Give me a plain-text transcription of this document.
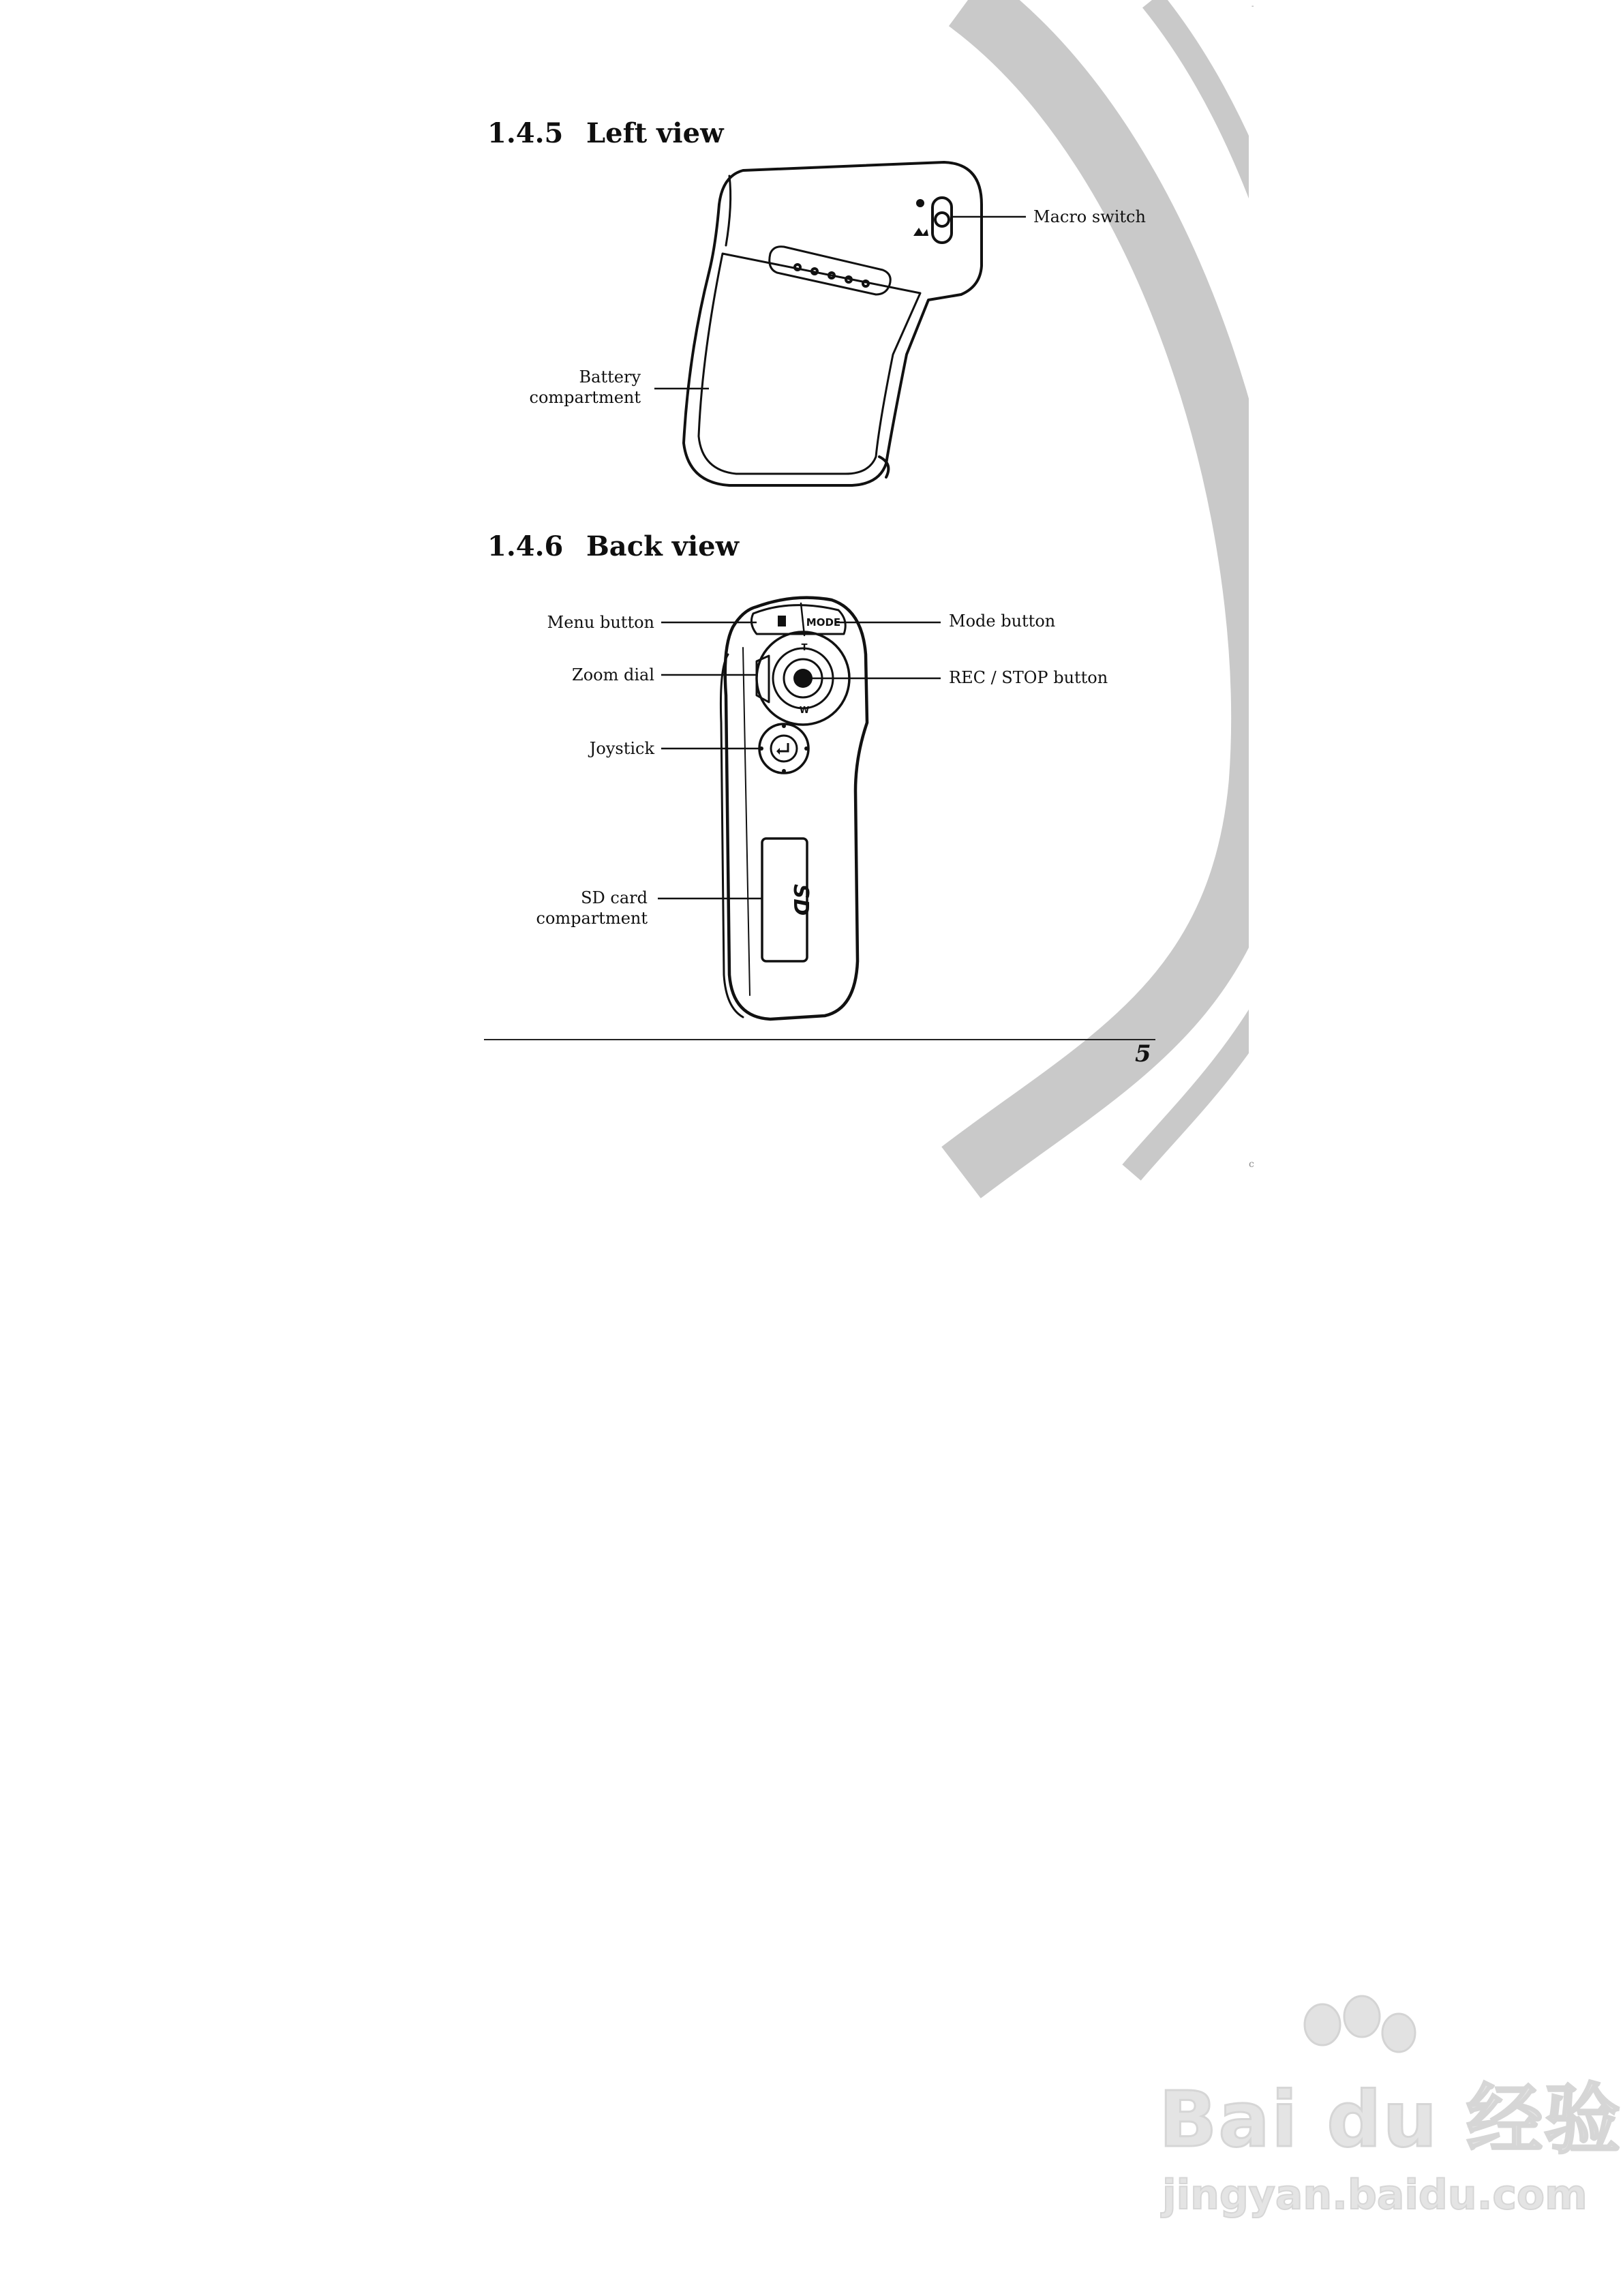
-
c
1.4.5 Left view
Macro switch
Battery
compartment
1.4.6 Back view
MODE
T
W
SD
Menu button	Mode button
Zoom dial	REC / STOP button
Joystick
SD card
compartment
5
Bai du 经验
jingyan.baidu.com
